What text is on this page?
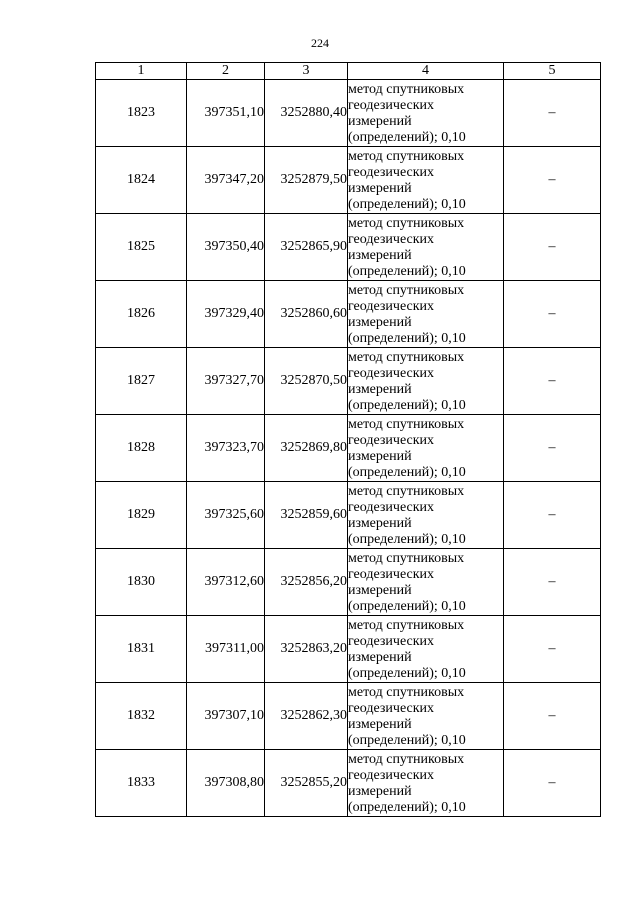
224
1	2	3	4	5
1823	397351,10	3252880,40	метод спутниковых
геодезических
измерений
(определений); 0,10	–
1824	397347,20	3252879,50	метод спутниковых
геодезических
измерений
(определений); 0,10	–
1825	397350,40	3252865,90	метод спутниковых
геодезических
измерений
(определений); 0,10	–
1826	397329,40	3252860,60	метод спутниковых
геодезических
измерений
(определений); 0,10	–
1827	397327,70	3252870,50	метод спутниковых
геодезических
измерений
(определений); 0,10	–
1828	397323,70	3252869,80	метод спутниковых
геодезических
измерений
(определений); 0,10	–
1829	397325,60	3252859,60	метод спутниковых
геодезических
измерений
(определений); 0,10	–
1830	397312,60	3252856,20	метод спутниковых
геодезических
измерений
(определений); 0,10	–
1831	397311,00	3252863,20	метод спутниковых
геодезических
измерений
(определений); 0,10	–
1832	397307,10	3252862,30	метод спутниковых
геодезических
измерений
(определений); 0,10	–
1833	397308,80	3252855,20	метод спутниковых
геодезических
измерений
(определений); 0,10	–
